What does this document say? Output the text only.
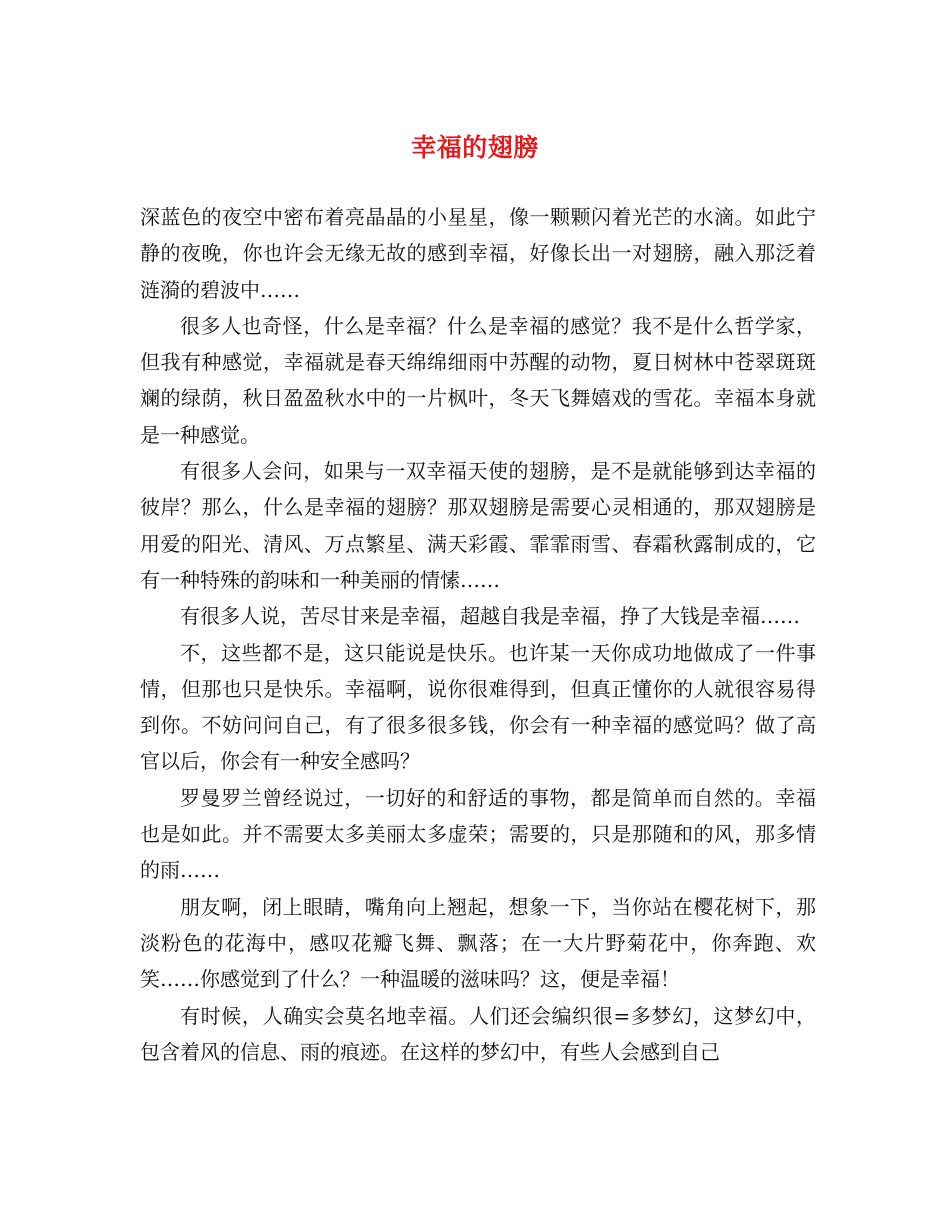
幸福的翅膀

深蓝色的夜空中密布着亮晶晶的小星星，像一颗颗闪着光芒的水滴。如此宁静的夜晚，你也许会无缘无故的感到幸福，好像长出一对翅膀，融入那泛着涟漪的碧波中……

很多人也奇怪，什么是幸福？什么是幸福的感觉？我不是什么哲学家，但我有种感觉，幸福就是春天绵绵细雨中苏醒的动物，夏日树林中苍翠斑斑斓的绿荫，秋日盈盈秋水中的一片枫叶，冬天飞舞嬉戏的雪花。幸福本身就是一种感觉。

有很多人会问，如果与一双幸福天使的翅膀，是不是就能够到达幸福的彼岸？那么，什么是幸福的翅膀？那双翅膀是需要心灵相通的，那双翅膀是用爱的阳光、清风、万点繁星、满天彩霞、霏霏雨雪、春霜秋露制成的，它有一种特殊的韵味和一种美丽的情愫……

有很多人说，苦尽甘来是幸福，超越自我是幸福，挣了大钱是幸福……

不，这些都不是，这只能说是快乐。也许某一天你成功地做成了一件事情，但那也只是快乐。幸福啊，说你很难得到，但真正懂你的人就很容易得到你。不妨问问自己，有了很多很多钱，你会有一种幸福的感觉吗？做了高官以后，你会有一种安全感吗？

罗曼罗兰曾经说过，一切好的和舒适的事物，都是简单而自然的。幸福也是如此。并不需要太多美丽太多虚荣；需要的，只是那随和的风，那多情的雨……

朋友啊，闭上眼睛，嘴角向上翘起，想象一下，当你站在樱花树下，那淡粉色的花海中，感叹花瓣飞舞、飘落；在一大片野菊花中，你奔跑、欢笑……你感觉到了什么？一种温暖的滋味吗？这，便是幸福！

有时候，人确实会莫名地幸福。人们还会编织很=多梦幻，这梦幻中，包含着风的信息、雨的痕迹。在这样的梦幻中，有些人会感到自己
